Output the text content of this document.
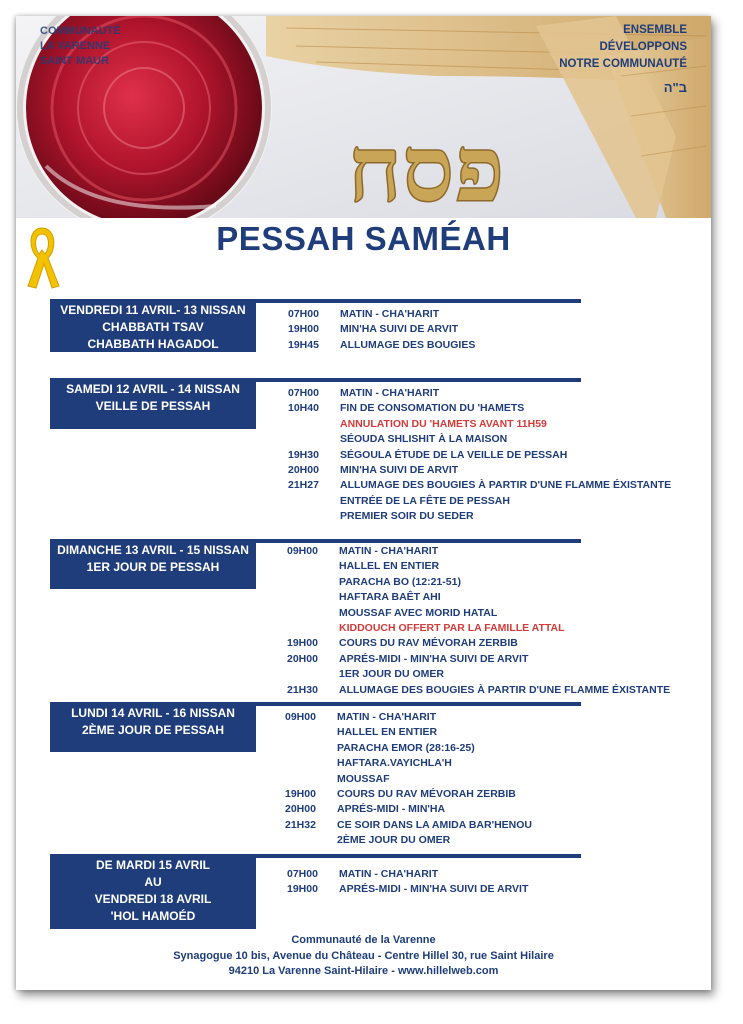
פסח
COMMUNAUTÉ
LA VARENNE
SAINT MAUR
ENSEMBLE
DÉVELOPPONS
NOTRE COMMUNAUTÉ
ב"ה
PESSAH SAMÉAH
VENDREDI 11 AVRIL- 13 NISSAN
CHABBATH TSAV
CHABBATH HAGADOL
07H00 MATIN - CHA'HARIT
19H00 MIN'HA SUIVI DE ARVIT
19H45 ALLUMAGE DES BOUGIES
SAMEDI 12 AVRIL - 14 NISSAN
VEILLE DE PESSAH
07H00 MATIN - CHA'HARIT
10H40 FIN DE CONSOMATION DU 'HAMETS
ANNULATION DU 'HAMETS AVANT 11H59
SÉOUDA SHLISHIT À LA MAISON
19H30 SÉGOULA ÉTUDE DE LA VEILLE DE PESSAH
20H00 MIN'HA SUIVI DE ARVIT
21H27 ALLUMAGE DES BOUGIES À PARTIR D'UNE FLAMME ÉXISTANTE
ENTRÉE DE LA FÊTE DE PESSAH
PREMIER SOIR DU SEDER
DIMANCHE 13 AVRIL - 15 NISSAN
1ER JOUR DE PESSAH
09H00 MATIN - CHA'HARIT
HALLEL EN ENTIER
PARACHA BO (12:21-51)
HAFTARA BAÊT AHI
MOUSSAF AVEC MORID HATAL
KIDDOUCH OFFERT PAR LA FAMILLE ATTAL
19H00 COURS DU RAV MÉVORAH ZERBIB
20H00 APRÉS-MIDI - MIN'HA SUIVI DE ARVIT
1ER JOUR DU OMER
21H30 ALLUMAGE DES BOUGIES À PARTIR D'UNE FLAMME ÉXISTANTE
LUNDI 14 AVRIL - 16 NISSAN
2ÈME JOUR DE PESSAH
09H00 MATIN - CHA'HARIT
HALLEL EN ENTIER
PARACHA EMOR (28:16-25)
HAFTARA.VAYICHLA'H
MOUSSAF
19H00 COURS DU RAV MÉVORAH ZERBIB
20H00 APRÉS-MIDI - MIN'HA
21H32 CE SOIR DANS LA AMIDA BAR'HENOU
2ÈME JOUR DU OMER
DE MARDI 15 AVRIL
AU
VENDREDI 18 AVRIL
'HOL HAMOÉD
07H00 MATIN - CHA'HARIT
19H00 APRÉS-MIDI - MIN'HA SUIVI DE ARVIT
Communauté de la Varenne
Synagogue 10 bis, Avenue du Château - Centre Hillel 30, rue Saint Hilaire
94210 La Varenne Saint-Hilaire - www.hillelweb.com
